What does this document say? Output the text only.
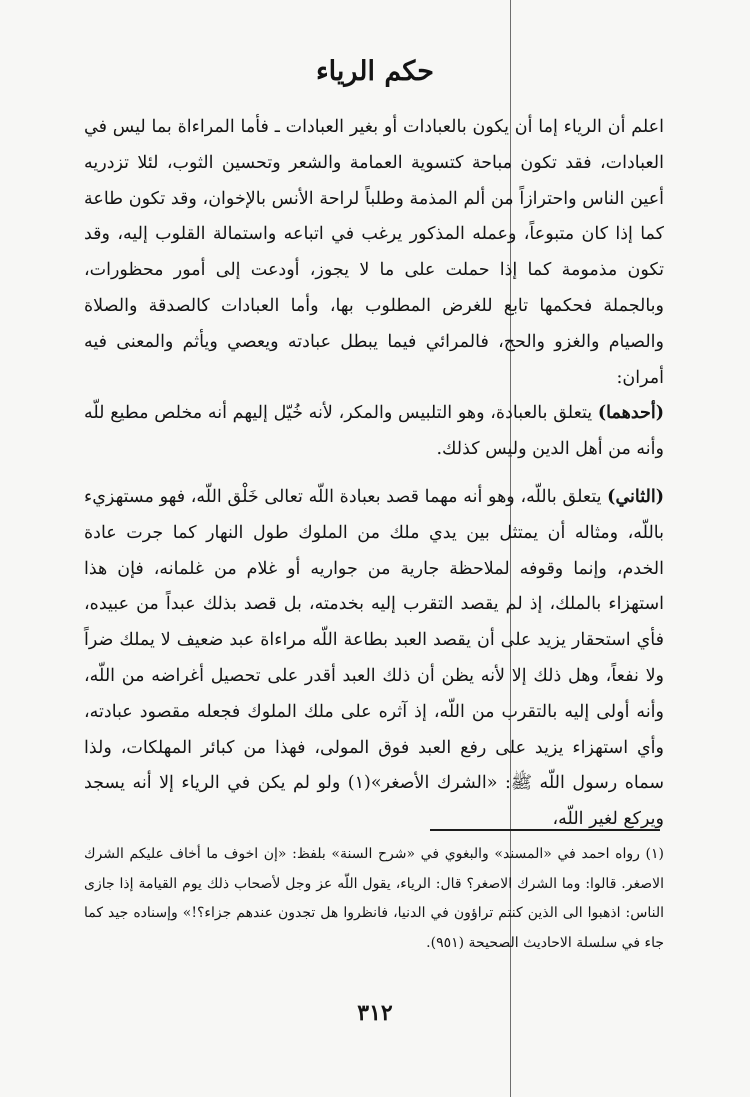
حكم الرياء

اعلم أن الرياء إما أن يكون بالعبادات أو بغير العبادات ـ فأما المراءاة بما ليس في العبادات، فقد تكون مباحة كتسوية العمامة والشعر وتحسين الثوب، لئلا تزدريه أعين الناس واحترازاً من ألم المذمة وطلباً لراحة الأنس بالإخوان، وقد تكون طاعة كما إذا كان متبوعاً، وعمله المذكور يرغب في اتباعه واستمالة القلوب إليه، وقد تكون مذمومة كما إذا حملت على ما لا يجوز، أودعت إلى أمور محظورات، وبالجملة فحكمها تابع للغرض المطلوب بها، وأما العبادات كالصدقة والصلاة والصيام والغزو والحج، فالمرائي فيما يبطل عبادته ويعصي ويأثم والمعنى فيه أمران:

(أحدهما) يتعلق بالعبادة، وهو التلبيس والمكر، لأنه خُيّل إليهم أنه مخلص مطيع للّه وأنه من أهل الدين وليس كذلك.

(الثاني) يتعلق باللّه، وهو أنه مهما قصد بعبادة اللّه تعالى خَلْق اللّه، فهو مستهزيء باللّه، ومثاله أن يمتثل بين يدي ملك من الملوك طول النهار كما جرت عادة الخدم، وإنما وقوفه لملاحظة جارية من جواريه أو غلام من غلمانه، فإن هذا استهزاء بالملك، إذ لم يقصد التقرب إليه بخدمته، بل قصد بذلك عبداً من عبيده، فأي استحقار يزيد على أن يقصد العبد بطاعة اللّه مراءاة عبد ضعيف لا يملك ضراً ولا نفعاً، وهل ذلك إلا لأنه يظن أن ذلك العبد أقدر على تحصيل أغراضه من اللّه، وأنه أولى إليه بالتقرب من اللّه، إذ آثره على ملك الملوك فجعله مقصود عبادته، وأي استهزاء يزيد على رفع العبد فوق المولى، فهذا من كبائر المهلكات، ولذا سماه رسول اللّه ﷺ: «الشرك الأصغر»(١) ولو لم يكن في الرياء إلا أنه يسجد ويركع لغير اللّه،

(١) رواه احمد في «المسند» والبغوي في «شرح السنة» بلفظ: «إن اخوف ما أخاف عليكم الشرك الاصغر. قالوا: وما الشرك الاصغر؟ قال: الرياء، يقول اللّه عز وجل لأصحاب ذلك يوم القيامة إذا جازى الناس: اذهبوا الى الذين كنتم تراؤون في الدنيا، فانظروا هل تجدون عندهم جزاء؟!» وإسناده جيد كما جاء في سلسلة الاحاديث الصحيحة (٩٥١).

٣١٢
